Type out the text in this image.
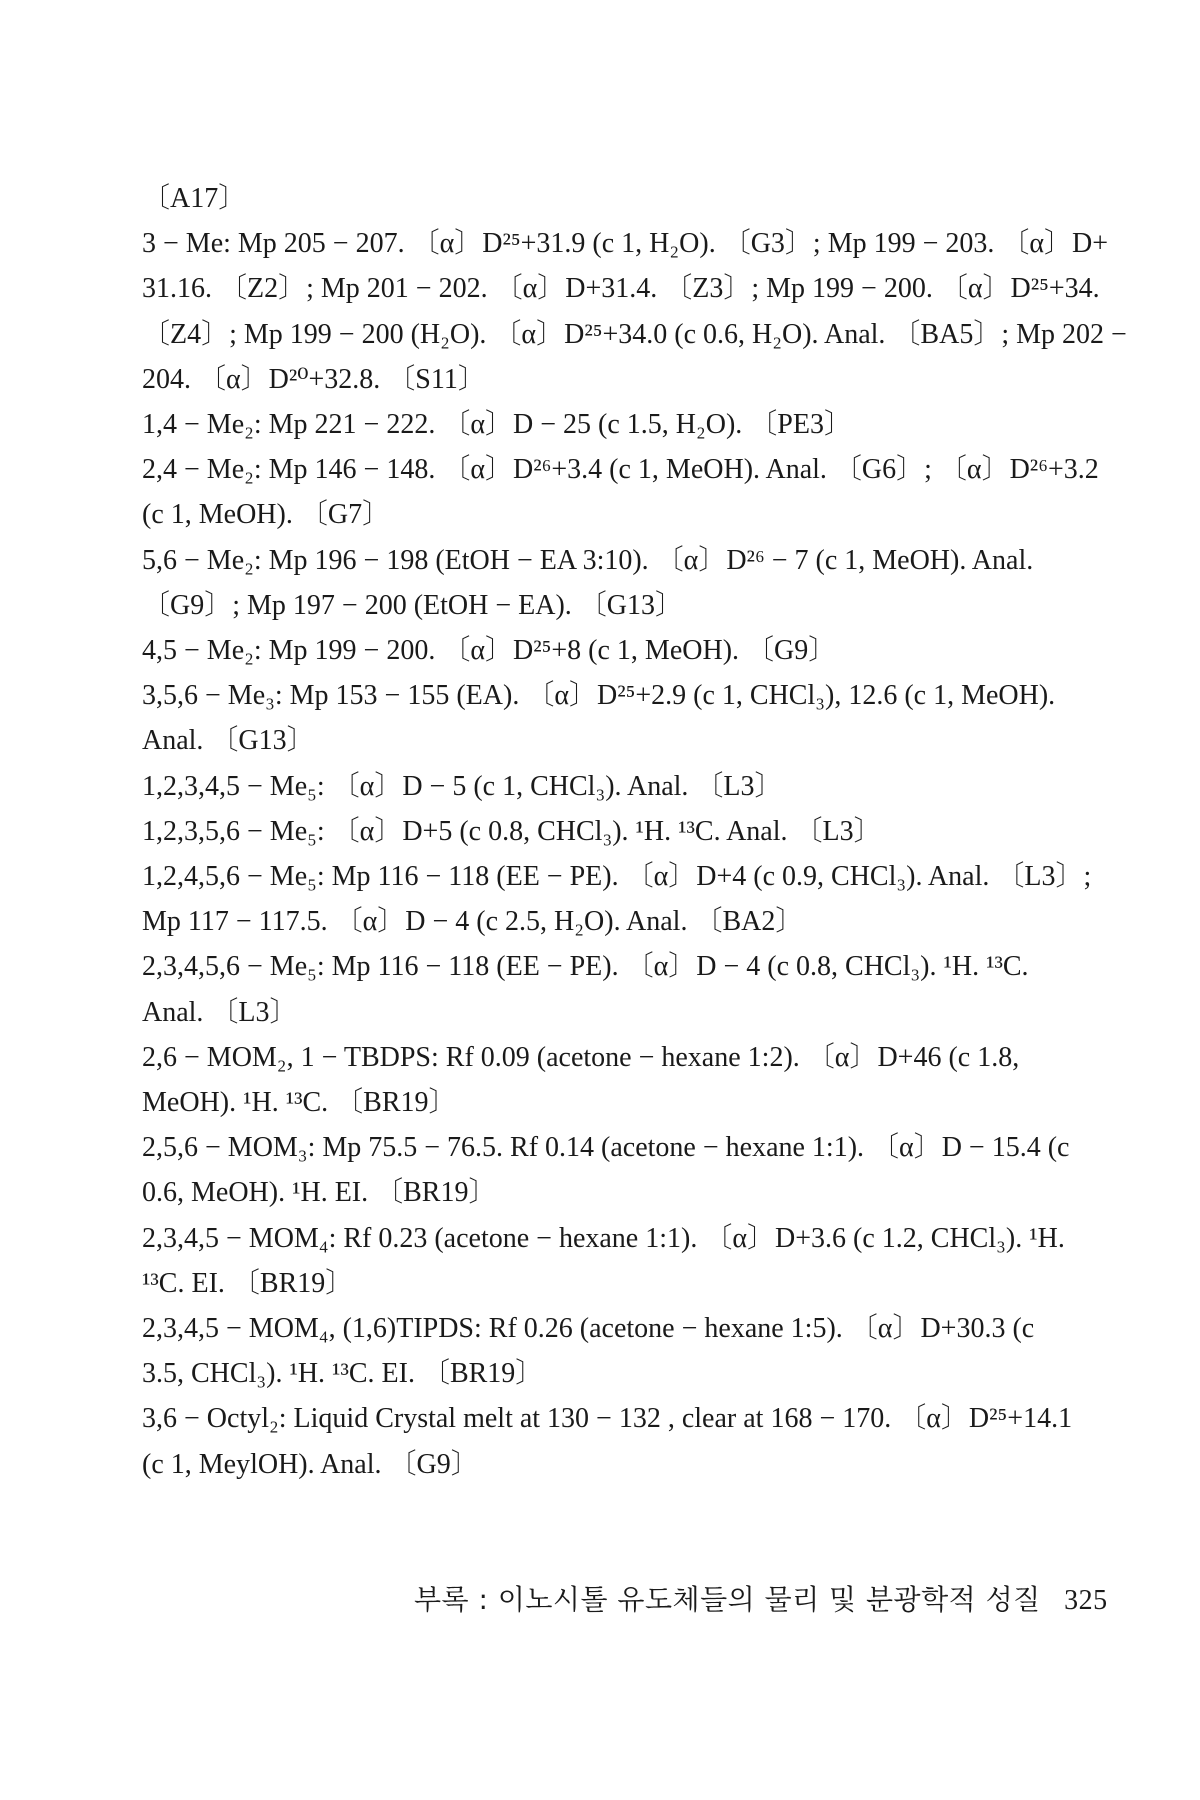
〔A17〕

3 − Me: Mp 205 − 207. 〔α〕D²⁵+31.9 (c 1, H₂O). 〔G3〕; Mp 199 − 203. 〔α〕D+

31.16. 〔Z2〕; Mp 201 − 202. 〔α〕D+31.4. 〔Z3〕; Mp 199 − 200. 〔α〕D²⁵+34.

〔Z4〕; Mp 199 − 200 (H₂O). 〔α〕D²⁵+34.0 (c 0.6, H₂O). Anal. 〔BA5〕; Mp 202 −

204. 〔α〕D²⁰+32.8. 〔S11〕

1,4 − Me₂: Mp 221 − 222. 〔α〕D − 25 (c 1.5, H₂O). 〔PE3〕

2,4 − Me₂: Mp 146 − 148. 〔α〕D²⁶+3.4 (c 1, MeOH). Anal. 〔G6〕; 〔α〕D²⁶+3.2

(c 1, MeOH). 〔G7〕

5,6 − Me₂: Mp 196 − 198 (EtOH − EA 3:10). 〔α〕D²⁶ − 7 (c 1, MeOH). Anal.

〔G9〕; Mp 197 − 200 (EtOH − EA). 〔G13〕

4,5 − Me₂: Mp 199 − 200. 〔α〕D²⁵+8 (c 1, MeOH). 〔G9〕

3,5,6 − Me₃: Mp 153 − 155 (EA). 〔α〕D²⁵+2.9 (c 1, CHCl₃), 12.6 (c 1, MeOH).

Anal. 〔G13〕

1,2,3,4,5 − Me₅: 〔α〕D − 5 (c 1, CHCl₃). Anal. 〔L3〕

1,2,3,5,6 − Me₅: 〔α〕D+5 (c 0.8, CHCl₃). ¹H. ¹³C. Anal. 〔L3〕

1,2,4,5,6 − Me₅: Mp 116 − 118 (EE − PE). 〔α〕D+4 (c 0.9, CHCl₃). Anal. 〔L3〕;

Mp 117 − 117.5. 〔α〕D − 4 (c 2.5, H₂O). Anal. 〔BA2〕

2,3,4,5,6 − Me₅: Mp 116 − 118 (EE − PE). 〔α〕D − 4 (c 0.8, CHCl₃). ¹H. ¹³C.

Anal. 〔L3〕

2,6 − MOM₂, 1 − TBDPS: Rf 0.09 (acetone − hexane 1:2). 〔α〕D+46 (c 1.8,

MeOH). ¹H. ¹³C. 〔BR19〕

2,5,6 − MOM₃: Mp 75.5 − 76.5. Rf 0.14 (acetone − hexane 1:1). 〔α〕D − 15.4 (c

0.6, MeOH). ¹H. EI. 〔BR19〕

2,3,4,5 − MOM₄: Rf 0.23 (acetone − hexane 1:1). 〔α〕D+3.6 (c 1.2, CHCl₃). ¹H.

¹³C. EI. 〔BR19〕

2,3,4,5 − MOM₄, (1,6)TIPDS: Rf 0.26 (acetone − hexane 1:5). 〔α〕D+30.3 (c

3.5, CHCl₃). ¹H. ¹³C. EI. 〔BR19〕

3,6 − Octyl₂: Liquid Crystal melt at 130 − 132 , clear at 168 − 170. 〔α〕D²⁵+14.1

(c 1, MeylOH). Anal. 〔G9〕

부록 : 이노시톨 유도체들의 물리 및 분광학적 성질 325
